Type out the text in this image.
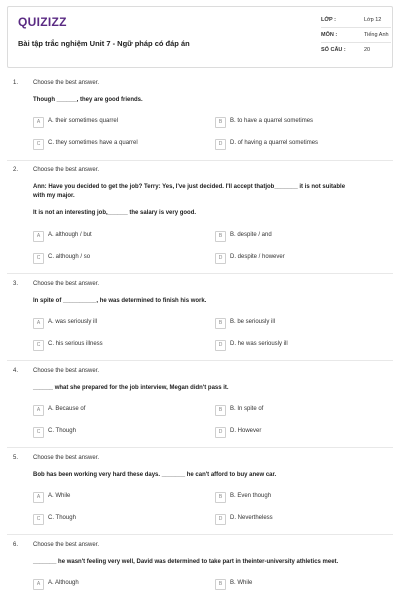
QUIZIZZ
Bài tập trắc nghiệm Unit 7 - Ngữ pháp có đáp án
LỚP :	Lớp 12
MÔN :	Tiếng Anh
SỐ CÂU :	20
1. Choose the best answer.
Though ______, they are good friends.
A	A. their sometimes quarrel	B	B. to have a quarrel sometimes
C	C. they sometimes have a quarrel	D	D. of having a quarrel sometimes
2. Choose the best answer.
Ann: Have you decided to get the job? Terry: Yes, I've just decided. I'll accept thatjob_______ it is not suitable
with my major.
It is not an interesting job,______ the salary is very good.
A	A. although / but	B	B. despite / and
C	C. although / so	D	D. despite / however
3. Choose the best answer.
In spite of __________, he was determined to finish his work.
A	A. was seriously ill	B	B. be seriously ill
C	C. his serious illness	D	D. he was seriously ill
4. Choose the best answer.
______ what she prepared for the job interview, Megan didn't pass it.
A	A. Because of	B	B. In spite of
C	C. Though	D	D. However
5. Choose the best answer.
Bob has been working very hard these days. _______ he can't afford to buy anew car.
A	A. While	B	B. Even though
C	C. Though	D	D. Nevertheless
6. Choose the best answer.
_______ he wasn't feeling very well, David was determined to take part in theinter-university athletics meet.
A	A. Although	B	B. While
